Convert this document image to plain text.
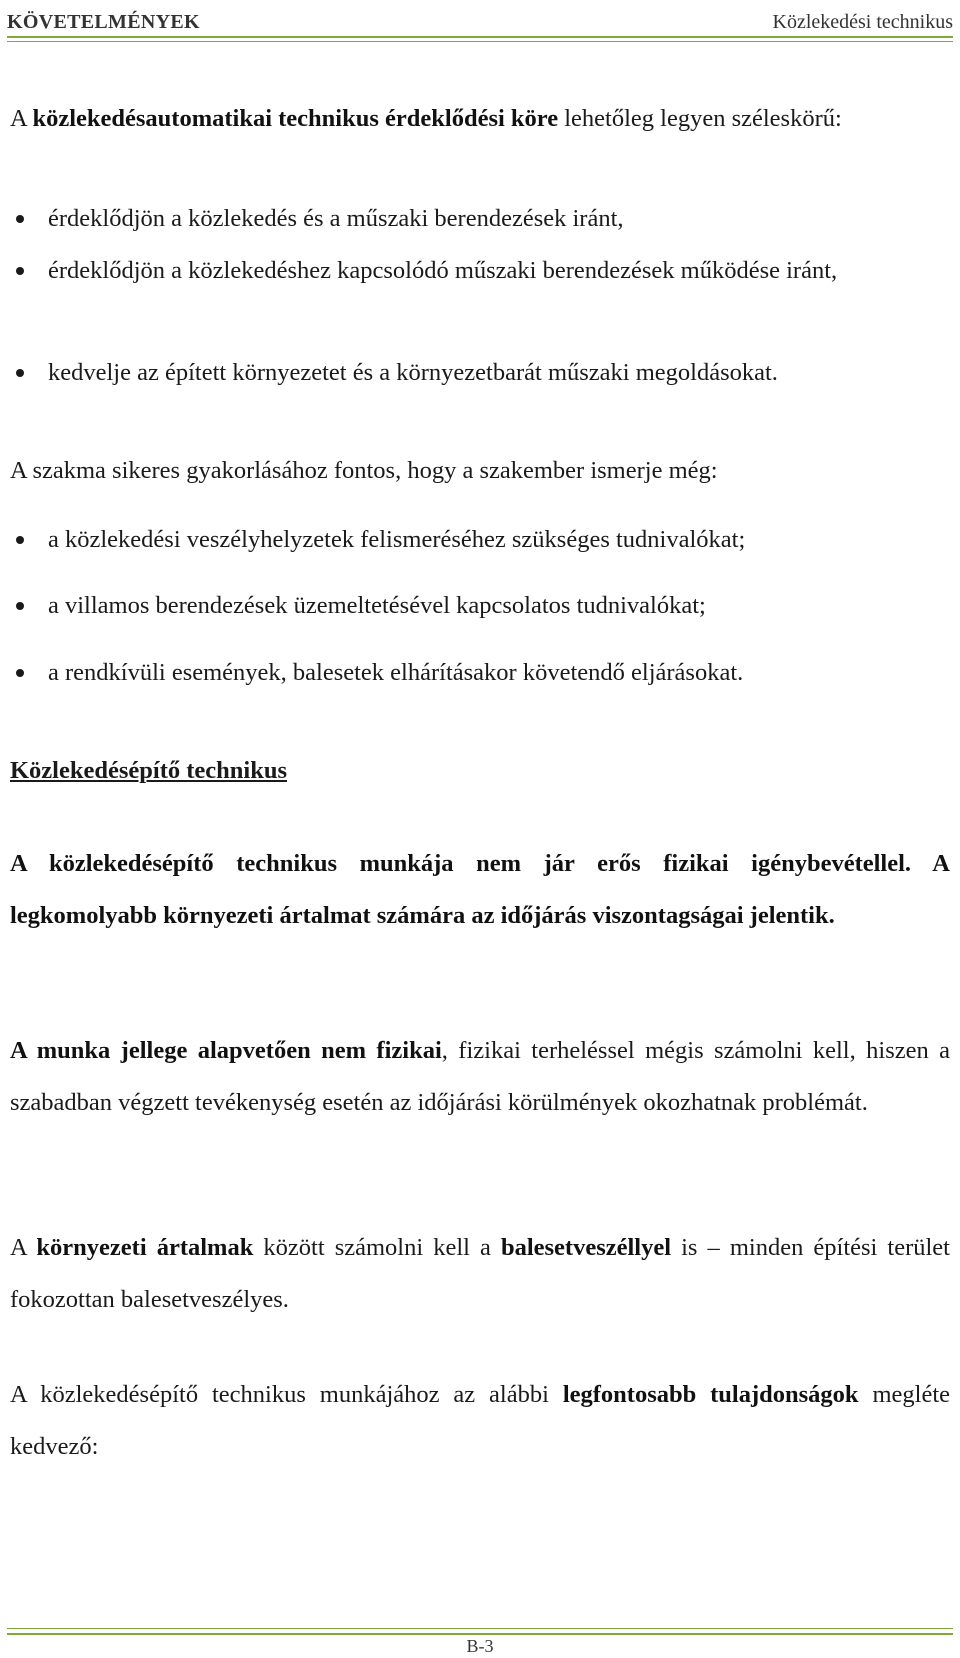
KÖVETELMÉNYEK	Közlekedési technikus

A közlekedésautomatikai technikus érdeklődési köre lehetőleg legyen széleskörű:

érdeklődjön a közlekedés és a műszaki berendezések iránt,
érdeklődjön a közlekedéshez kapcsolódó műszaki berendezések működése iránt,
kedvelje az épített környezetet és a környezetbarát műszaki megoldásokat.

A szakma sikeres gyakorlásához fontos, hogy a szakember ismerje még:

a közlekedési veszélyhelyzetek felismeréséhez szükséges tudnivalókat;
a villamos berendezések üzemeltetésével kapcsolatos tudnivalókat;
a rendkívüli események, balesetek elhárításakor követendő eljárásokat.
Közlekedésépítő technikus

A közlekedésépítő technikus munkája nem jár erős fizikai igénybevétellel. A legkomolyabb környezeti ártalmat számára az időjárás viszontagságai jelentik.

A munka jellege alapvetően nem fizikai, fizikai terheléssel mégis számolni kell, hiszen a szabadban végzett tevékenység esetén az időjárási körülmények okozhatnak problémát.

A környezeti ártalmak között számolni kell a balesetveszéllyel is – minden építési terület fokozottan balesetveszélyes.

A közlekedésépítő technikus munkájához az alábbi legfontosabb tulajdonságok megléte kedvező:

B-3
